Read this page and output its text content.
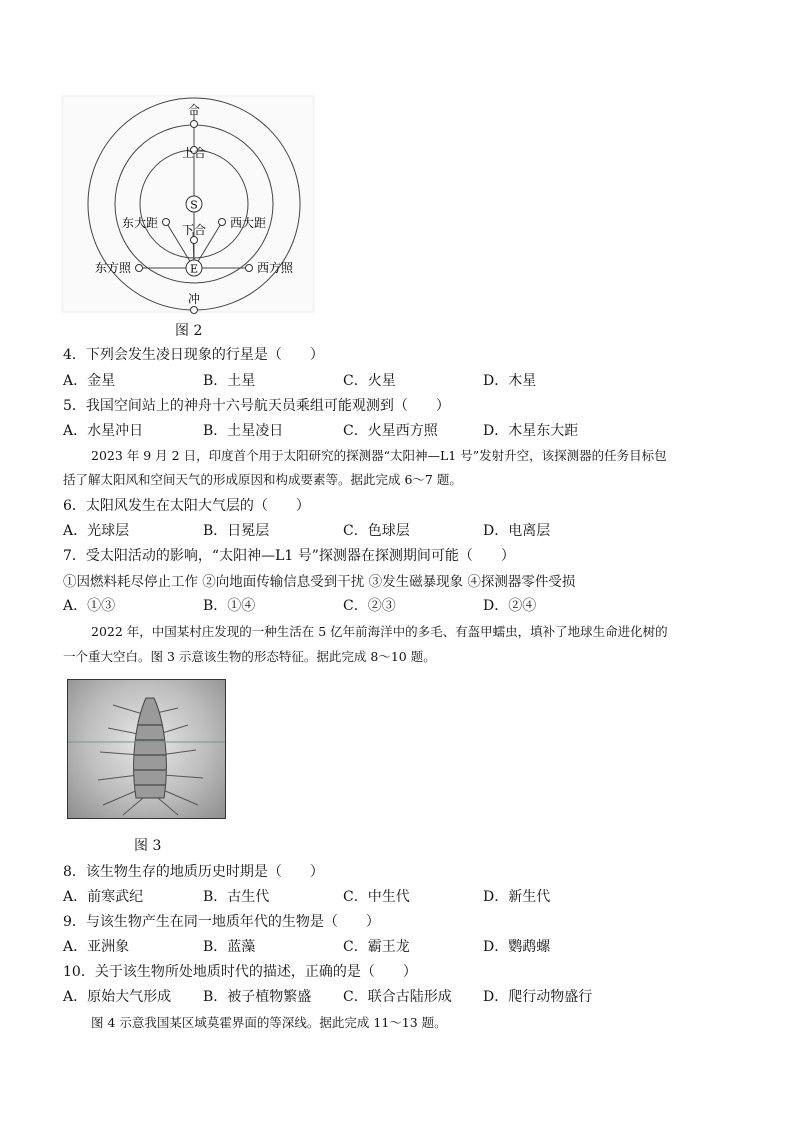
S
E
合
上合
下合
东大距	西大距
东方照	西方照
冲
图 2
4．下列会发生凌日现象的行星是（　　）
A．金星	B．土星	C．火星	D．木星
5．我国空间站上的神舟十六号航天员乘组可能观测到（　　）
A．水星冲日	B．土星凌日	C．火星西方照	D．木星东大距
2023 年 9 月 2 日，印度首个用于太阳研究的探测器“太阳神—L1 号”发射升空，该探测器的任务目标包
括了解太阳风和空间天气的形成原因和构成要素等。据此完成 6～7 题。
6．太阳风发生在太阳大气层的（　　）
A．光球层	B．日冕层	C．色球层	D．电离层
7．受太阳活动的影响，“太阳神—L1 号”探测器在探测期间可能（　　）
①因燃料耗尽停止工作 ②向地面传输信息受到干扰 ③发生磁暴现象 ④探测器零件受损
A．①③	B．①④	C．②③	D．②④
2022 年，中国某村庄发现的一种生活在 5 亿年前海洋中的多毛、有盔甲蠕虫，填补了地球生命进化树的
一个重大空白。图 3 示意该生物的形态特征。据此完成 8～10 题。
图 3
8．该生物生存的地质历史时期是（　　）
A．前寒武纪	B．古生代	C．中生代	D．新生代
9．与该生物产生在同一地质年代的生物是（　　）
A．亚洲象	B．蓝藻	C．霸王龙	D．鹦鹉螺
10．关于该生物所处地质时代的描述，正确的是（　　）
A．原始大气形成 B．被子植物繁盛 C．联合古陆形成 D．爬行动物盛行
图 4 示意我国某区域莫霍界面的等深线。据此完成 11～13 题。
